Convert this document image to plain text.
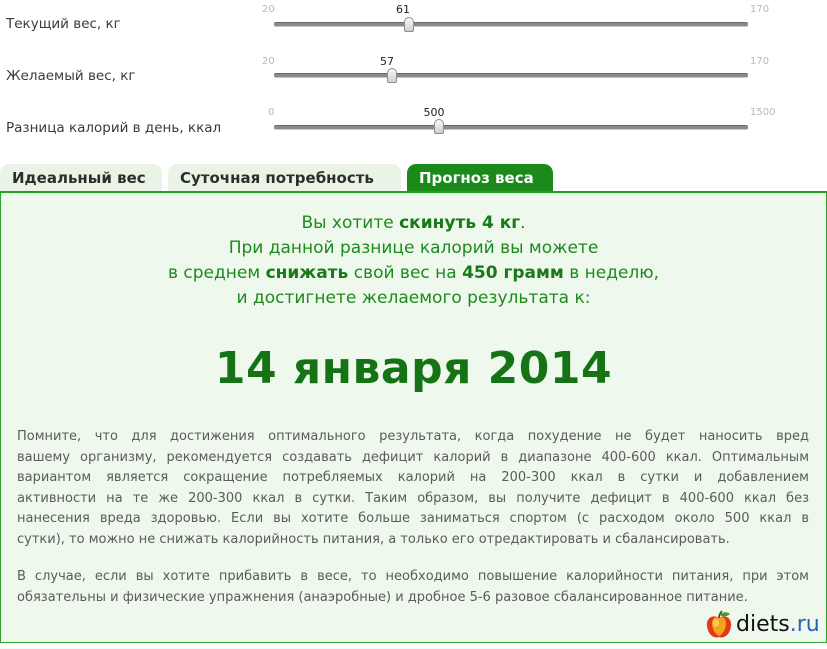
Текущий вес, кг
20	170
61
Желаемый вес, кг
20	170
57
Разница калорий в день, ккал
0	1500
500
Идеальный вес	Суточная потребность	Прогноз веса
Вы хотите скинуть 4 кг.
При данной разнице калорий вы можете
в среднем снижать свой вес на 450 грамм в неделю,
и достигнете желаемого результата к:
14 января 2014
Помните, что для достижения оптимального результата, когда похудение не будет наносить вред
вашему организму, рекомендуется создавать дефицит калорий в диапазоне 400-600 ккал. Оптимальным
вариантом является сокращение потребляемых калорий на 200-300 ккал в сутки и добавлением
активности на те же 200-300 ккал в сутки. Таким образом, вы получите дефицит в 400-600 ккал без
нанесения вреда здоровью. Если вы хотите больше заниматься спортом (с расходом около 500 ккал в
сутки), то можно не снижать калорийность питания, а только его отредактировать и сбалансировать.
В случае, если вы хотите прибавить в весе, то необходимо повышение калорийности питания, при этом
обязательны и физические упражнения (анаэробные) и дробное 5-6 разовое сбалансированное питание.
diets.ru
